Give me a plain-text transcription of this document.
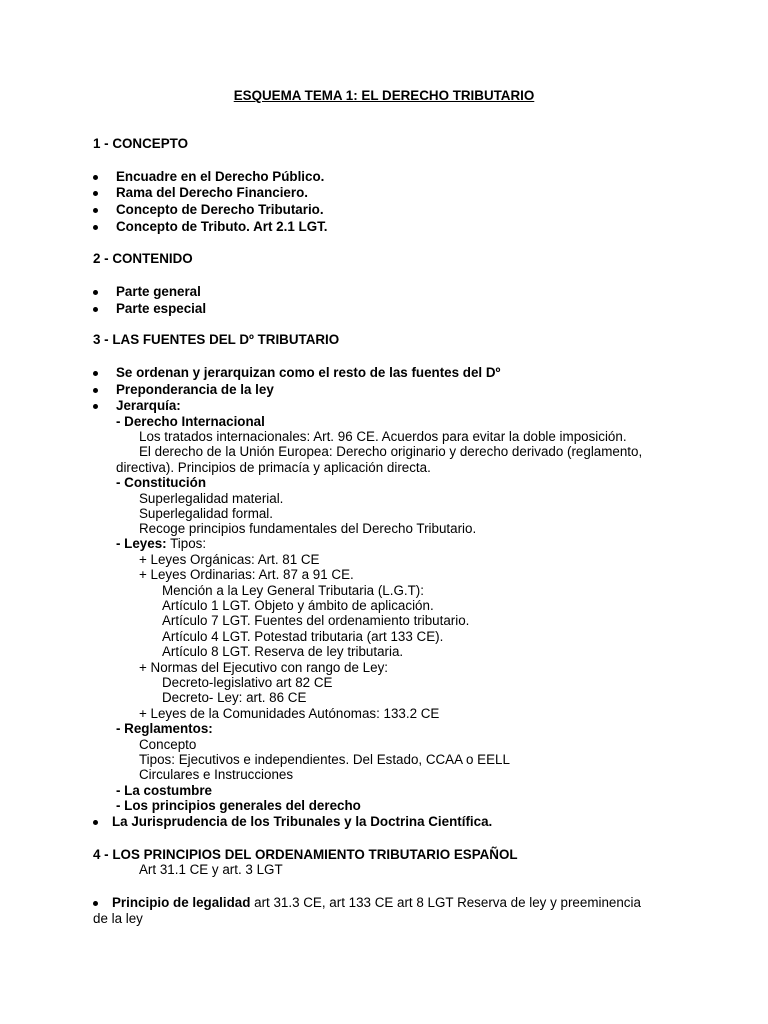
ESQUEMA TEMA 1: EL DERECHO TRIBUTARIO
1 - CONCEPTO
Encuadre en el Derecho Público.
Rama del Derecho Financiero.
Concepto de Derecho Tributario.
Concepto de Tributo. Art 2.1 LGT.
2 - CONTENIDO
Parte general
Parte especial
3 - LAS FUENTES DEL Dº TRIBUTARIO
Se ordenan y jerarquizan como el resto de las fuentes del Dº
Preponderancia de la ley
Jerarquía:
- Derecho Internacional
Los tratados internacionales: Art. 96 CE. Acuerdos para evitar la doble imposición.
El derecho de la Unión Europea: Derecho originario y derecho derivado (reglamento,
directiva). Principios de primacía y aplicación directa.
- Constitución
Superlegalidad material.
Superlegalidad formal.
Recoge principios fundamentales del Derecho Tributario.
- Leyes: Tipos:
+ Leyes Orgánicas: Art. 81 CE
+ Leyes Ordinarias: Art. 87 a 91 CE.
Mención a la Ley General Tributaria (L.G.T):
Artículo 1 LGT. Objeto y ámbito de aplicación.
Artículo 7 LGT. Fuentes del ordenamiento tributario.
Artículo 4 LGT. Potestad tributaria (art 133 CE).
Artículo 8 LGT. Reserva de ley tributaria.
+ Normas del Ejecutivo con rango de Ley:
Decreto-legislativo art 82 CE
Decreto- Ley: art. 86 CE
+ Leyes de la Comunidades Autónomas: 133.2 CE
- Reglamentos:
Concepto
Tipos: Ejecutivos e independientes. Del Estado, CCAA o EELL
Circulares e Instrucciones
- La costumbre
- Los principios generales del derecho
La Jurisprudencia de los Tribunales y la Doctrina Científica.
4 - LOS PRINCIPIOS DEL ORDENAMIENTO TRIBUTARIO ESPAÑOL
Art 31.1 CE y art. 3 LGT
Principio de legalidad art 31.3 CE, art 133 CE art 8 LGT Reserva de ley y preeminencia
de la ley
